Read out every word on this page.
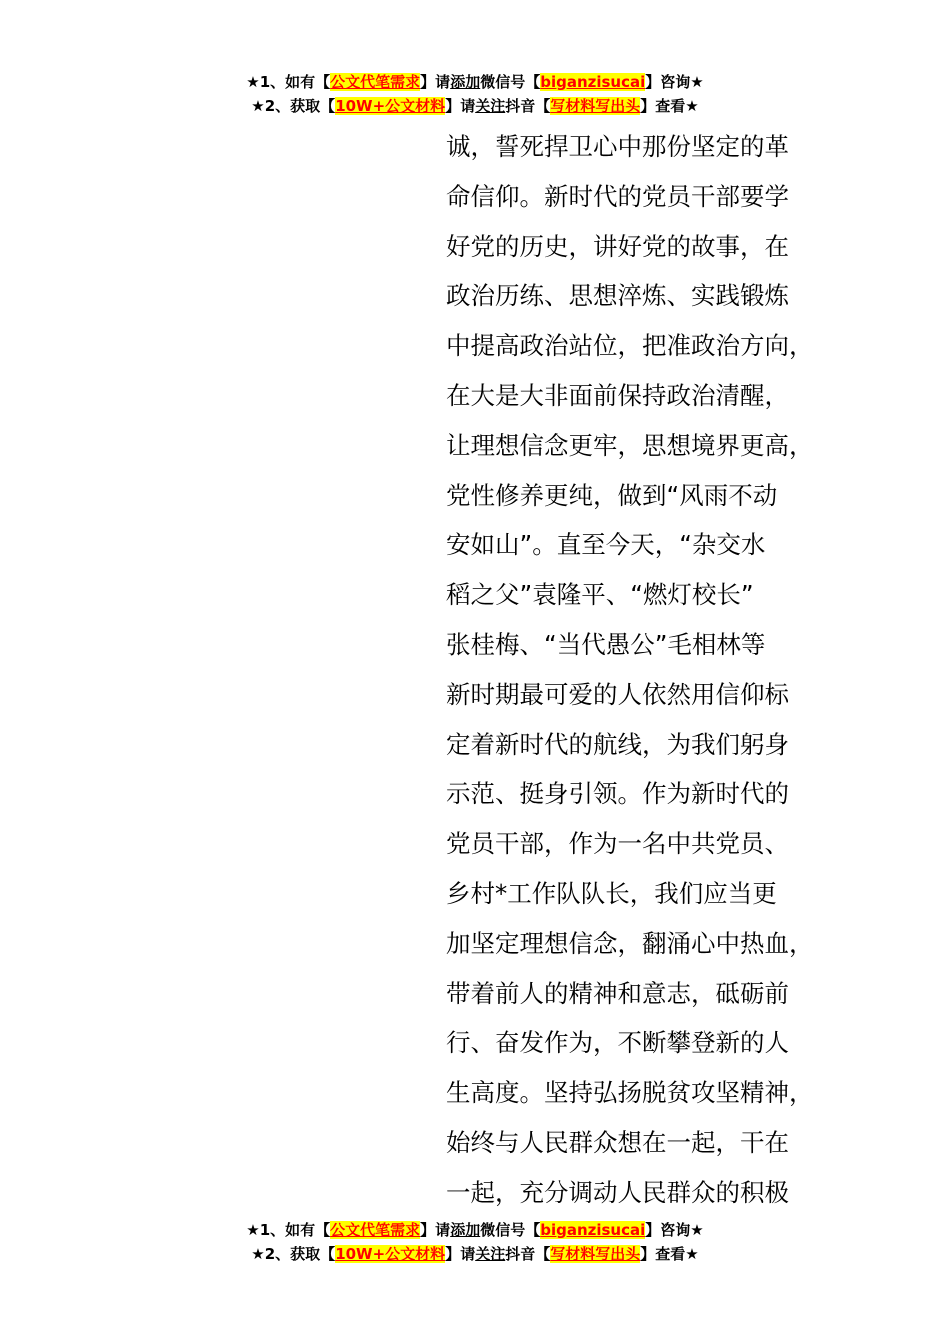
★1、如有【公文代笔需求】请添加微信号【biganzisucai】咨询★
★2、获取【10W+公文材料】请关注抖音【写材料写出头】查看★
诚，誓死捍卫心中那份坚定的革
命信仰。新时代的党员干部要学
好党的历史，讲好党的故事，在
政治历练、思想淬炼、实践锻炼
中提高政治站位，把准政治方向，
在大是大非面前保持政治清醒，
让理想信念更牢，思想境界更高，
党性修养更纯，做到“风雨不动
安如山”。直至今天，“杂交水
稻之父”袁隆平、“燃灯校长”
张桂梅、“当代愚公”毛相林等
新时期最可爱的人依然用信仰标
定着新时代的航线，为我们躬身
示范、挺身引领。作为新时代的
党员干部，作为一名中共党员、
乡村*工作队队长，我们应当更
加坚定理想信念，翻涌心中热血，
带着前人的精神和意志，砥砺前
行、奋发作为，不断攀登新的人
生高度。坚持弘扬脱贫攻坚精神，
始终与人民群众想在一起，干在
一起，充分调动人民群众的积极
★1、如有【公文代笔需求】请添加微信号【biganzisucai】咨询★
★2、获取【10W+公文材料】请关注抖音【写材料写出头】查看★
